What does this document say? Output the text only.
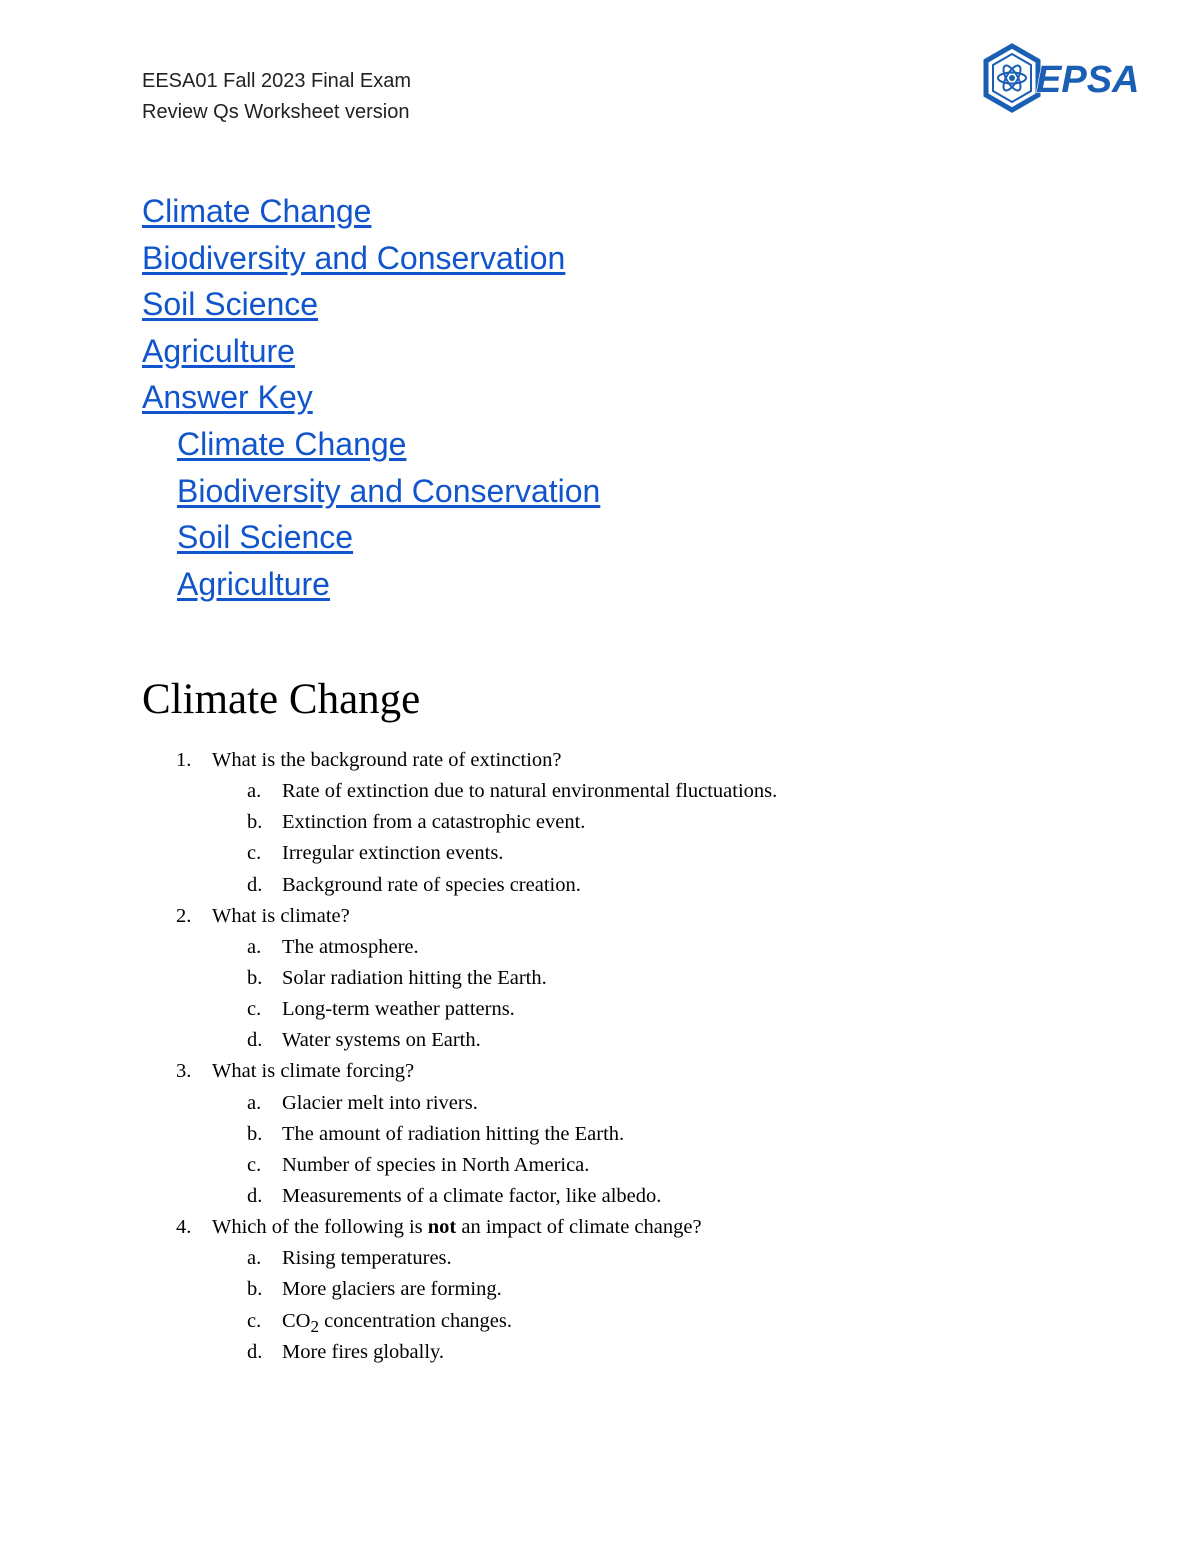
EESA01 Fall 2023 Final Exam
Review Qs Worksheet version
EPSA
Climate Change
Biodiversity and Conservation
Soil Science
Agriculture
Answer Key
Climate Change
Biodiversity and Conservation
Soil Science
Agriculture
Climate Change
1. What is the background rate of extinction?
a. Rate of extinction due to natural environmental fluctuations.
b. Extinction from a catastrophic event.
c. Irregular extinction events.
d. Background rate of species creation.
2. What is climate?
a. The atmosphere.
b. Solar radiation hitting the Earth.
c. Long-term weather patterns.
d. Water systems on Earth.
3. What is climate forcing?
a. Glacier melt into rivers.
b. The amount of radiation hitting the Earth.
c. Number of species in North America.
d. Measurements of a climate factor, like albedo.
4. Which of the following is not an impact of climate change?
a. Rising temperatures.
b. More glaciers are forming.
c. $CO_2$ concentration changes.
d. More fires globally.
